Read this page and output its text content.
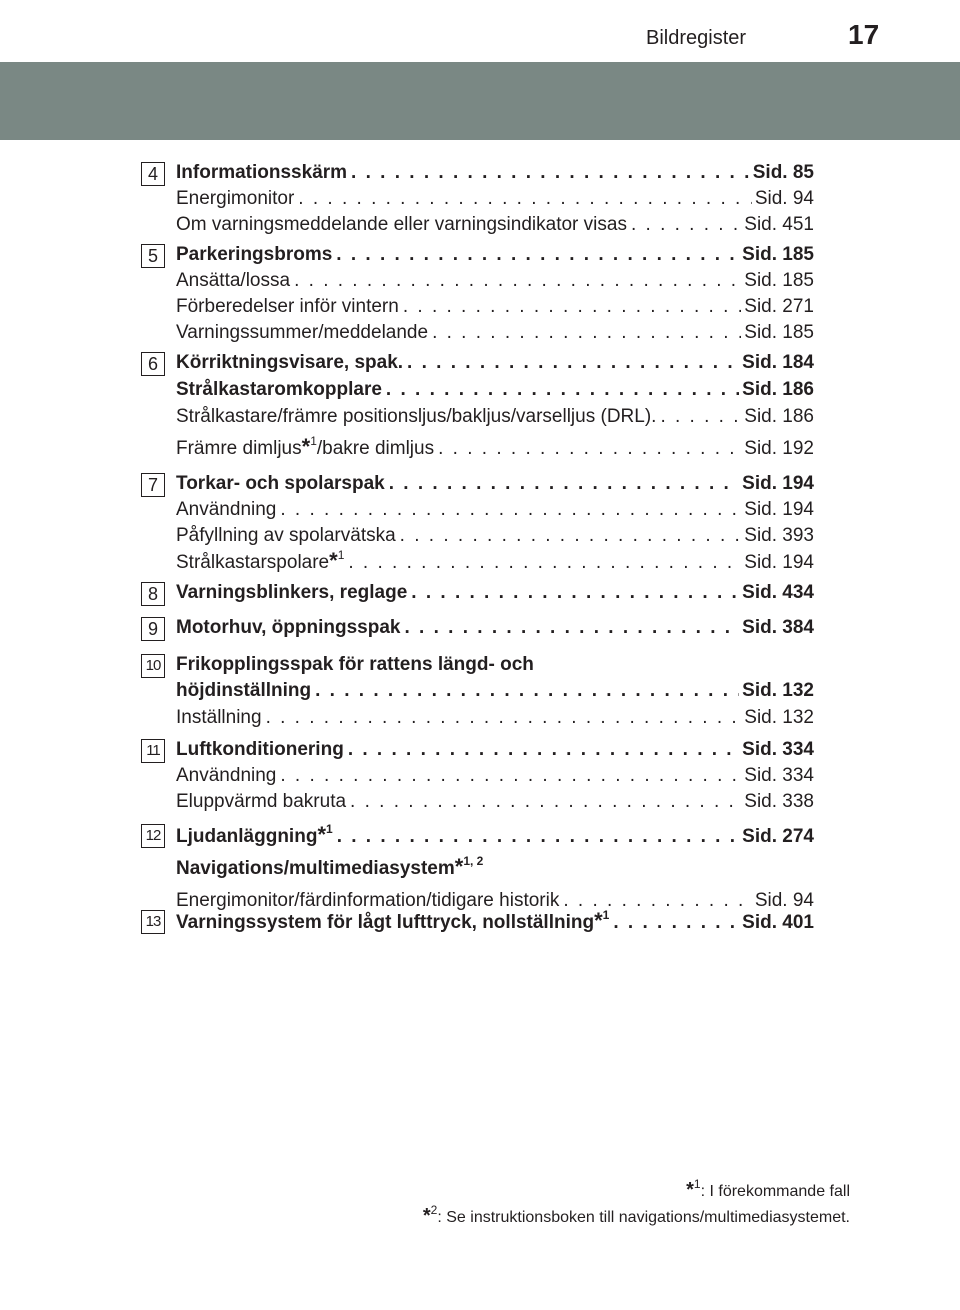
Bildregister	17
4 Informationsskärm . . .	Sid. 85
Energimonitor . . .	Sid. 94
Om varningsmeddelande eller varningsindikator visas . . .	Sid. 451
5 Parkeringsbroms . . .	Sid. 185
Ansätta/lossa . . .	Sid. 185
Förberedelser inför vintern . . .	Sid. 271
Varningssummer/meddelande . . .	Sid. 185
6 Körriktningsvisare, spak. . . .	Sid. 184
Strålkastaromkopplare . . .	Sid. 186
Strålkastare/främre positionsljus/bakljus/varselljus (DRL). . . .	Sid. 186
Främre dimljus*$^1$/bakre dimljus . . .	Sid. 192
7 Torkar- och spolarspak . . .	Sid. 194
Användning . . .	Sid. 194
Påfyllning av spolarvätska . . .	Sid. 393
Strålkastarspolare*$^1$ . . .	Sid. 194
8 Varningsblinkers, reglage . . .	Sid. 434
9 Motorhuv, öppningsspak . . .	Sid. 384
10 Frikopplingsspak för rattens längd- och
höjdinställning . . .	Sid. 132
Inställning . . .	Sid. 132
11 Luftkonditionering . . .	Sid. 334
Användning . . .	Sid. 334
Eluppvärmd bakruta . . .	Sid. 338
12 Ljudanläggning*$^1$ . . .	Sid. 274
Navigations/multimediasystem*$^{1, 2}$
Energimonitor/färdinformation/tidigare historik . . .	Sid. 94
13 Varningssystem för lågt lufttryck, nollställning*$^1$ . . .	Sid. 401
*$^1$: I förekommande fall
*$^2$: Se instruktionsboken till navigations/multimediasystemet.
